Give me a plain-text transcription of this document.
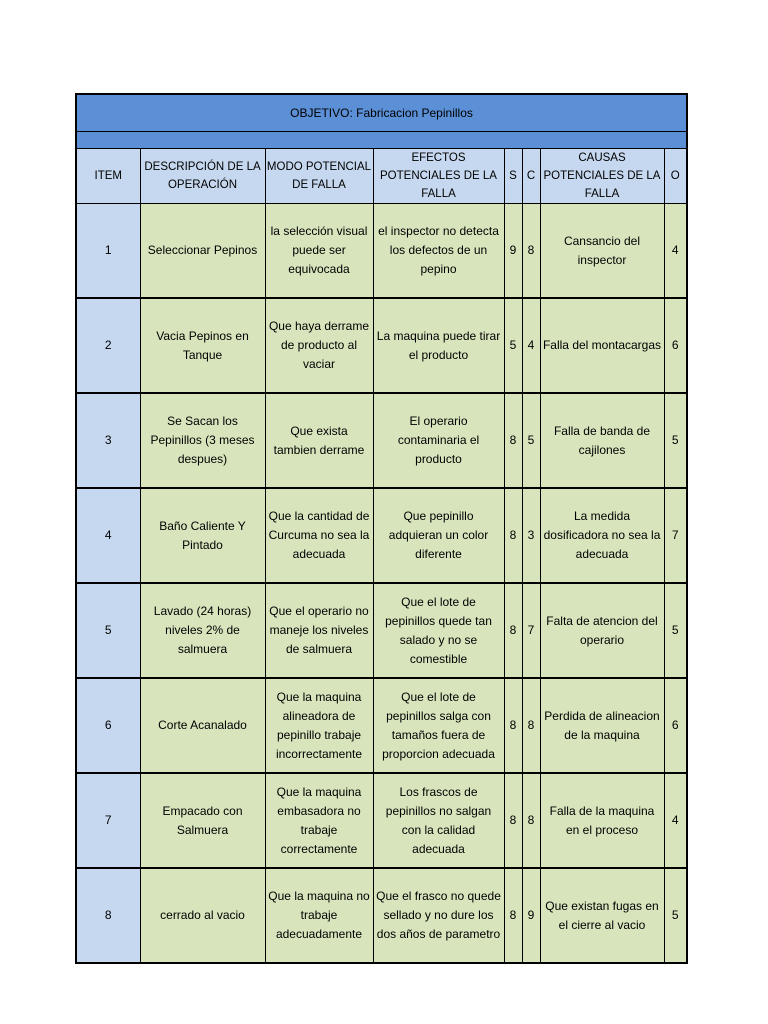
OBJETIVO: Fabricacion Pepinillos							

ITEM	DESCRIPCIÓN DE LA OPERACIÓN	MODO POTENCIAL DE FALLA	EFECTOS POTENCIALES DE LA FALLA	S	C	CAUSAS POTENCIALES DE LA FALLA	O
1	Seleccionar Pepinos	la selección visual puede ser equivocada	el inspector no detecta los defectos de un pepino	9	8	Cansancio del inspector	4
2	Vacia Pepinos en Tanque	Que haya derrame de producto al vaciar	La maquina puede tirar el producto	5	4	Falla del montacargas	6
3	Se Sacan los Pepinillos (3 meses despues)	Que exista tambien derrame	El operario contaminaria el producto	8	5	Falla de banda de cajilones	5
4	Baño Caliente Y Pintado	Que la cantidad de Curcuma no sea la adecuada	Que pepinillo adquieran un color diferente	8	3	La medida dosificadora no sea la adecuada	7
5	Lavado (24 horas) niveles 2% de salmuera	Que el operario no maneje los niveles de salmuera	Que el lote de pepinillos quede tan salado y no se comestible	8	7	Falta de atencion del operario	5
6	Corte Acanalado	Que la maquina alineadora de pepinillo trabaje incorrectamente	Que el lote de pepinillos salga con tamaños fuera de proporcion adecuada	8	8	Perdida de alineacion de la maquina	6
7	Empacado con Salmuera	Que la maquina embasadora no trabaje correctamente	Los frascos de pepinillos no salgan con la calidad adecuada	8	8	Falla de la maquina en el proceso	4
8	cerrado al vacio	Que la maquina no trabaje adecuadamente	Que el frasco no quede sellado y no dure los dos años de parametro	8	9	Que existan fugas en el cierre al vacio	5
